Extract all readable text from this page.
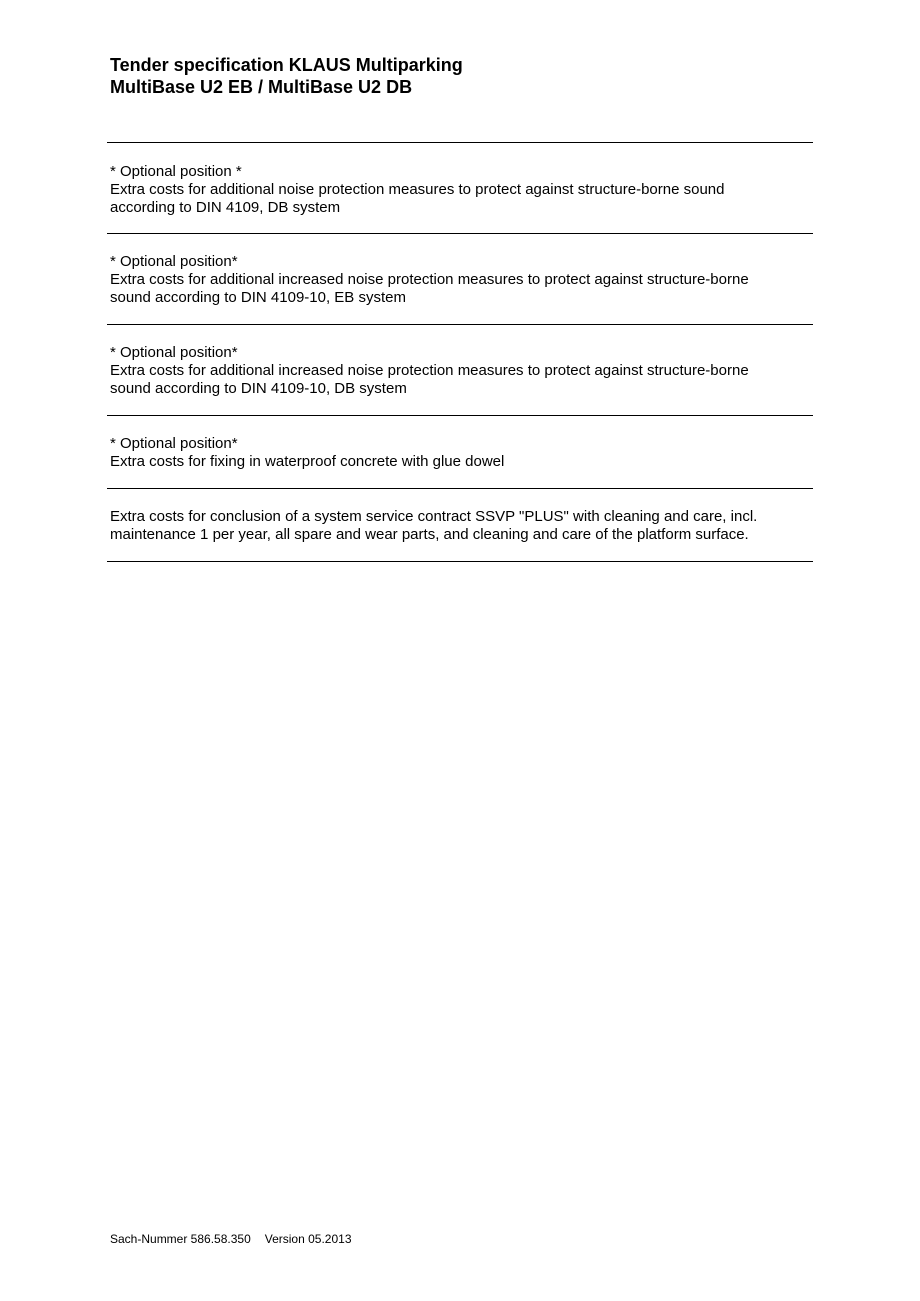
Tender specification KLAUS Multiparking

MultiBase U2 EB / MultiBase U2 DB

* Optional position *

Extra costs for additional noise protection measures to protect against structure-borne sound according to DIN 4109, DB system

* Optional position*

Extra costs for additional increased noise protection measures to protect against structure-borne sound according to DIN 4109-10, EB system

* Optional position*

Extra costs for additional increased noise protection measures to protect against structure-borne sound according to DIN 4109-10, DB system

* Optional position*

Extra costs for fixing in waterproof concrete with glue dowel

Extra costs for conclusion of a system service contract SSVP "PLUS" with cleaning and care, incl. maintenance 1 per year, all spare and wear parts, and cleaning and care of the platform surface.

Sach-Nummer 586.58.350 Version 05.2013
